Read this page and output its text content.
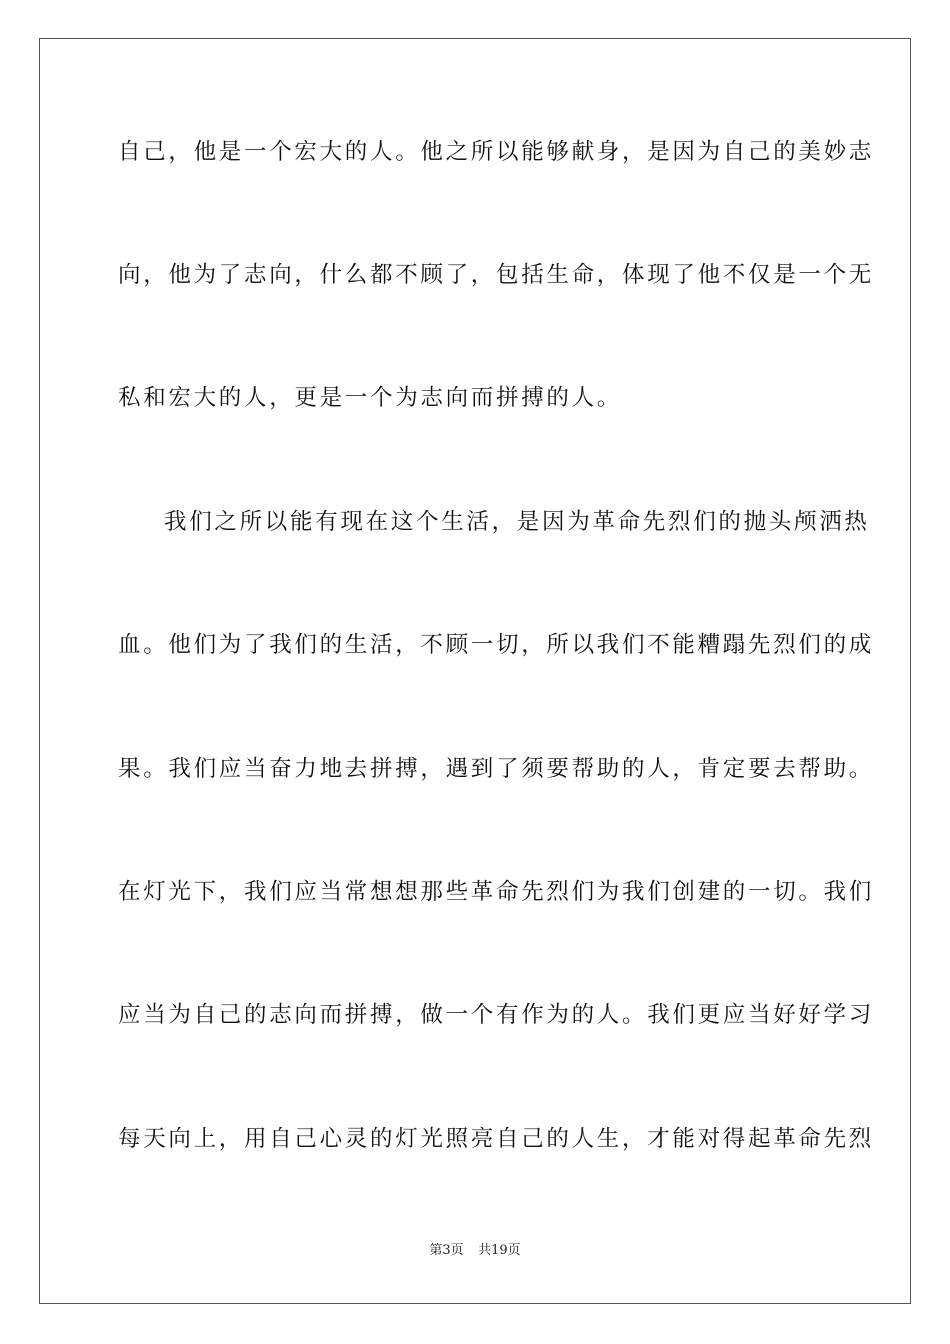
自己，他是一个宏大的人。他之所以能够献身，是因为自己的美妙志
向，他为了志向，什么都不顾了，包括生命，体现了他不仅是一个无
私和宏大的人，更是一个为志向而拼搏的人。
我们之所以能有现在这个生活，是因为革命先烈们的抛头颅洒热
血。他们为了我们的生活，不顾一切，所以我们不能糟蹋先烈们的成
果。我们应当奋力地去拼搏，遇到了须要帮助的人，肯定要去帮助。
在灯光下，我们应当常想想那些革命先烈们为我们创建的一切。我们
应当为自己的志向而拼搏，做一个有作为的人。我们更应当好好学习
每天向上，用自己心灵的灯光照亮自己的人生，才能对得起革命先烈
第3页 共19页
